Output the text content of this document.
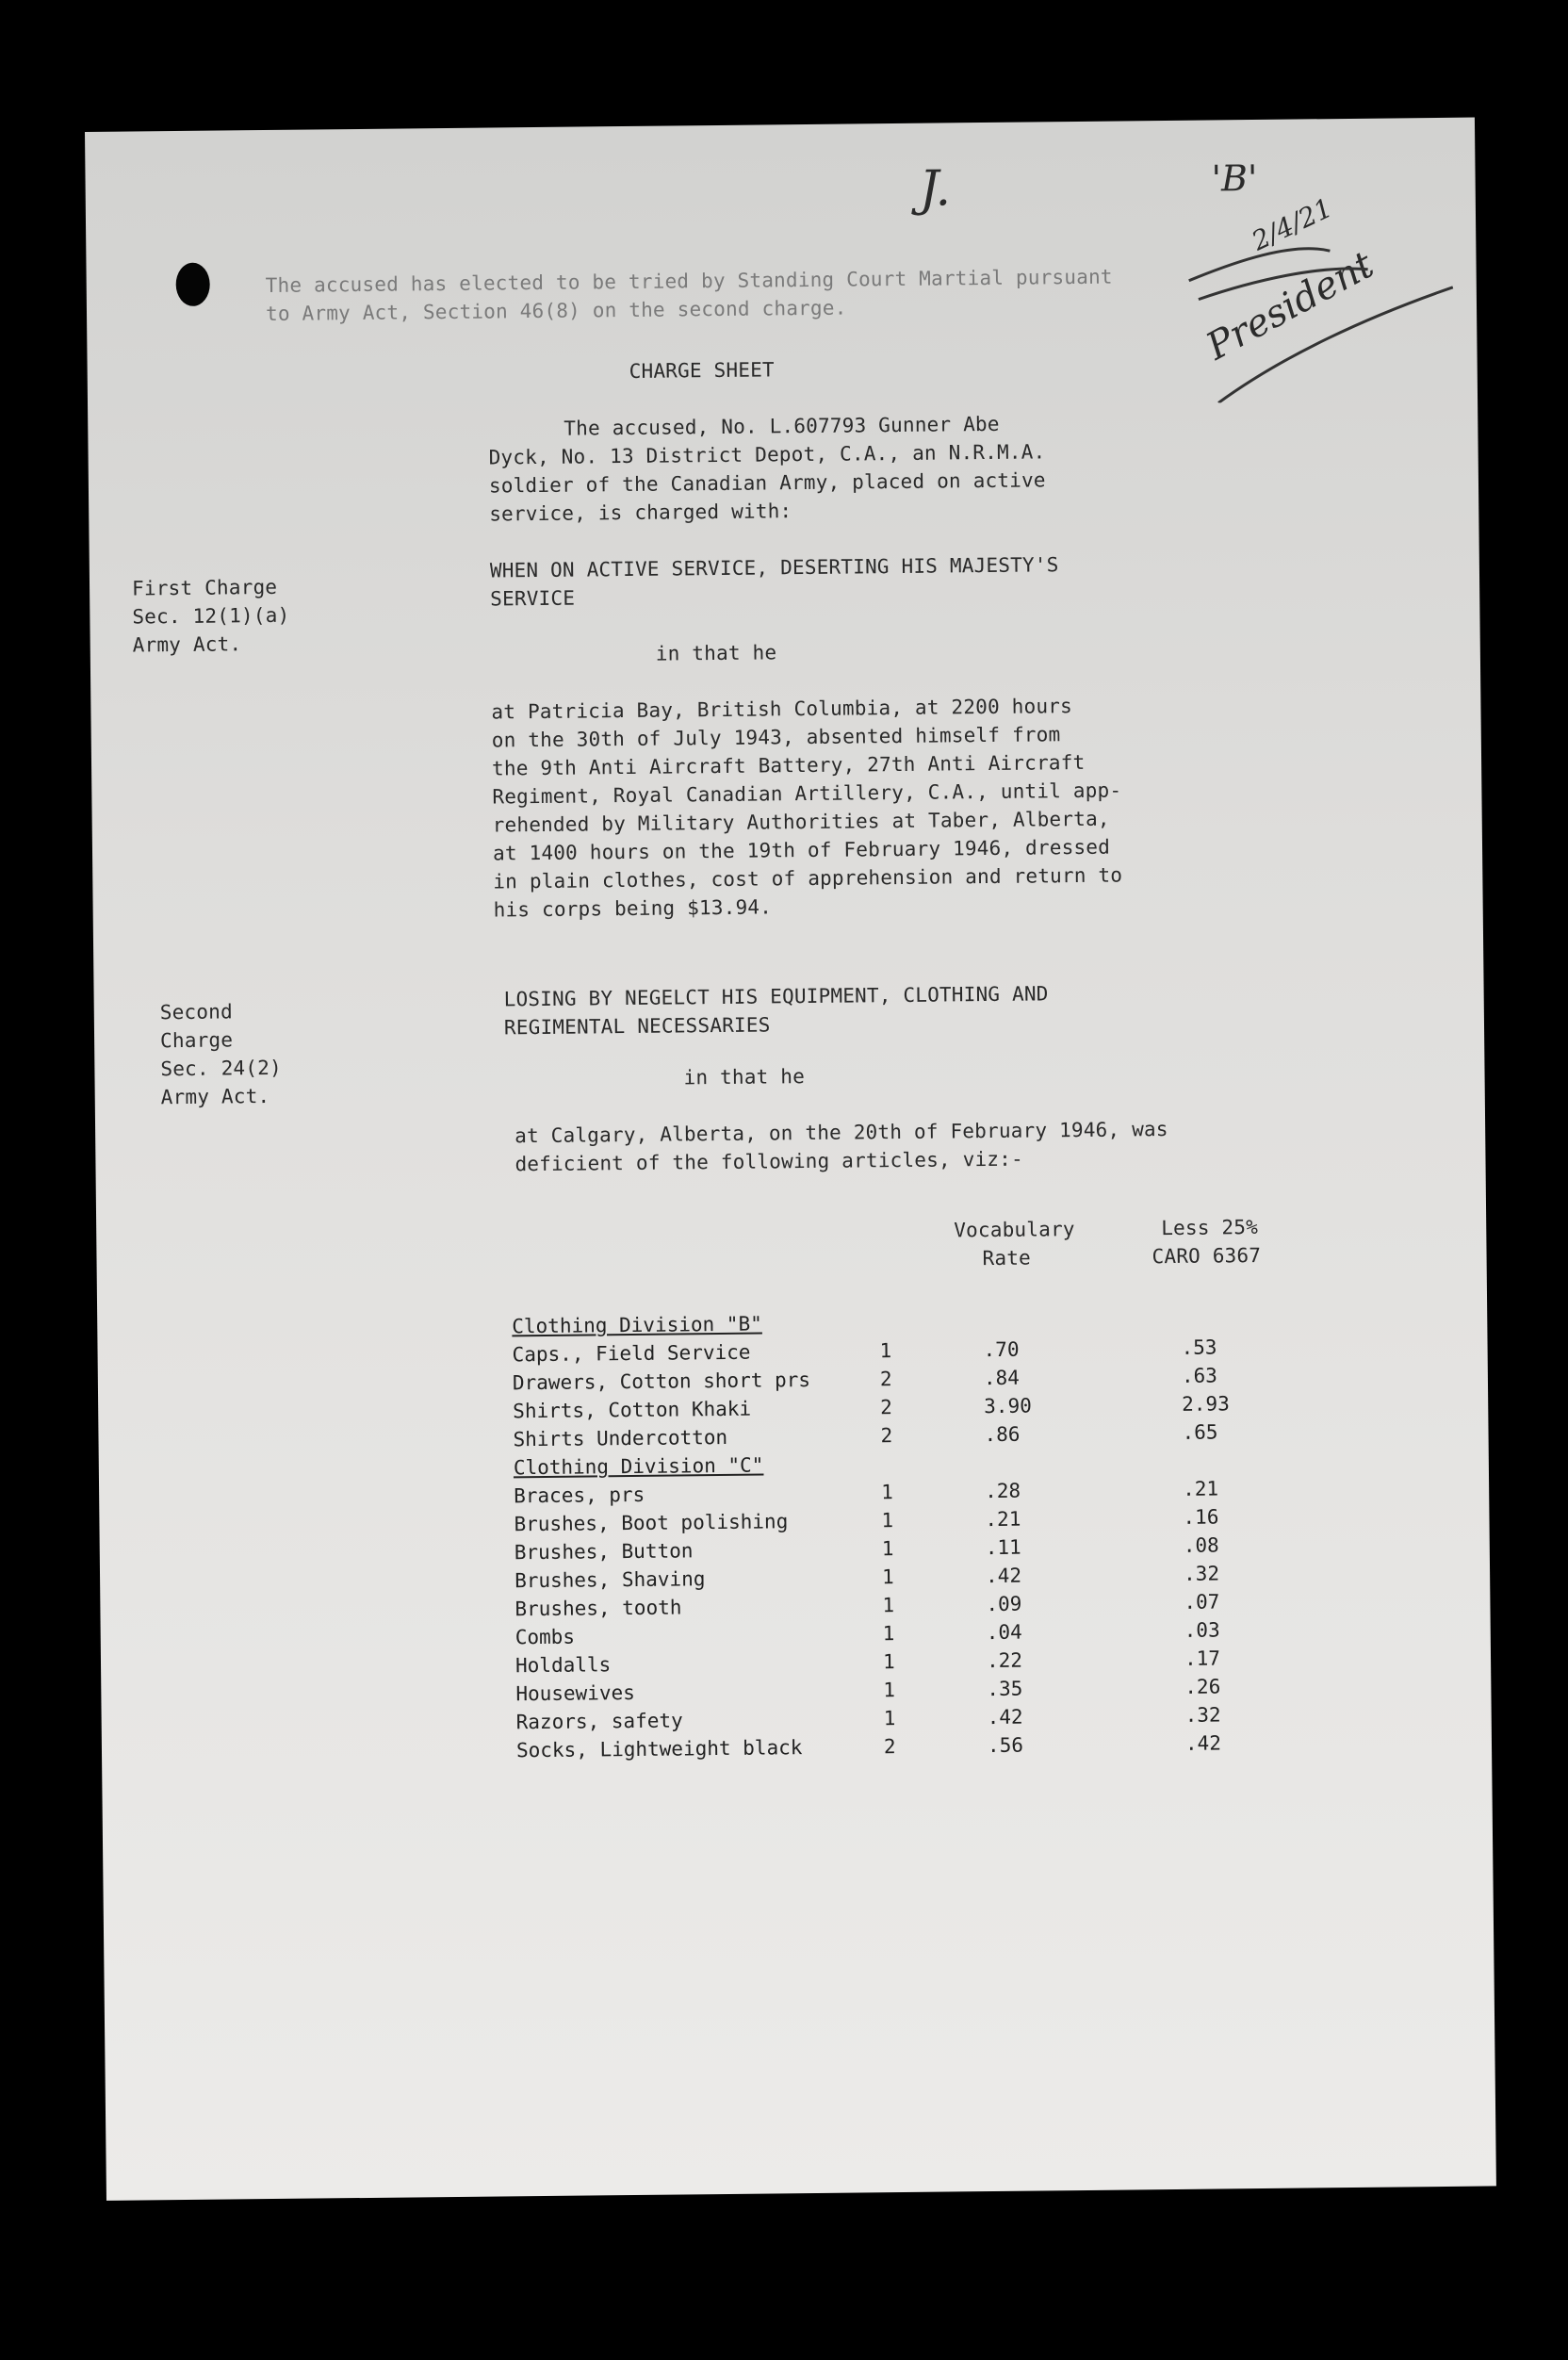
The accused has elected to be tried by Standing Court Martial pursuant
to Army Act, Section 46(8) on the second charge.
J.	'B'
2/4/21
President
CHARGE SHEET
The accused, No. L.607793 Gunner Abe
Dyck, No. 13 District Depot, C.A., an N.R.M.A.
soldier of the Canadian Army, placed on active
service, is charged with:
First Charge
Sec. 12(1)(a)
Army Act.
WHEN ON ACTIVE SERVICE, DESERTING HIS MAJESTY'S
SERVICE
in that he
at Patricia Bay, British Columbia, at 2200 hours
on the 30th of July 1943, absented himself from
the 9th Anti Aircraft Battery, 27th Anti Aircraft
Regiment, Royal Canadian Artillery, C.A., until app-
rehended by Military Authorities at Taber, Alberta,
at 1400 hours on the 19th of February 1946, dressed
in plain clothes, cost of apprehension and return to
his corps being $13.94.
Second
Charge
Sec. 24(2)
Army Act.
LOSING BY NEGELCT HIS EQUIPMENT, CLOTHING AND
REGIMENTAL NECESSARIES
in that he
at Calgary, Alberta, on the 20th of February 1946, was
deficient of the following articles, viz:-
Vocabulary
Rate
Less 25%
CARO 6367
Clothing Division "B"
Caps., Field Service	1	.70	.53
Drawers, Cotton short prs	2	.84	.63
Shirts, Cotton Khaki	2	3.90	2.93
Shirts Undercotton	2	.86	.65
Clothing Division "C"
Braces, prs	1	.28	.21
Brushes, Boot polishing	1	.21	.16
Brushes, Button	1	.11	.08
Brushes, Shaving	1	.42	.32
Brushes, tooth	1	.09	.07
Combs	1	.04	.03
Holdalls	1	.22	.17
Housewives	1	.35	.26
Razors, safety	1	.42	.32
Socks, Lightweight black	2	.56	.42
